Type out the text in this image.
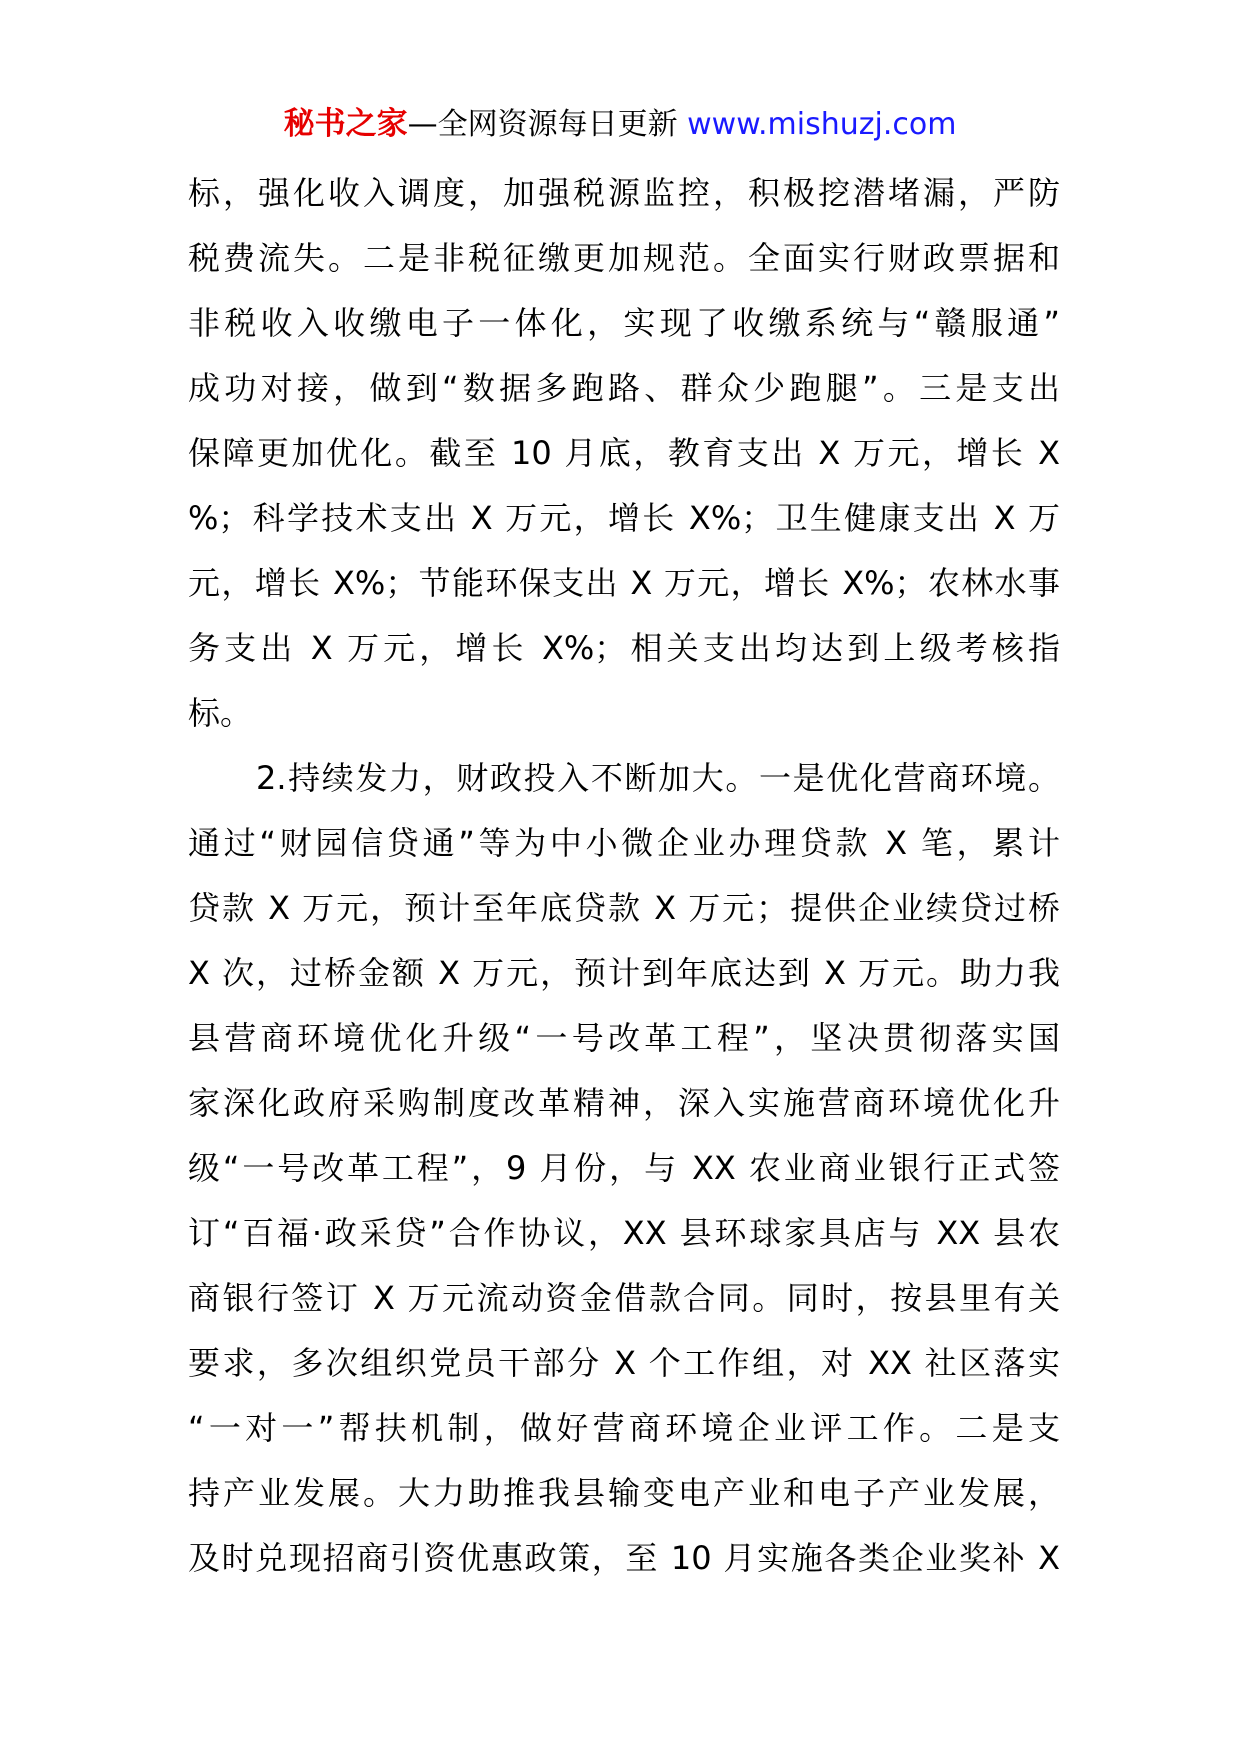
秘书之家—全网资源每日更新 www.mishuzj.com
标，强化收入调度，加强税源监控，积极挖潜堵漏，严防
税费流失。二是非税征缴更加规范。全面实行财政票据和
非税收入收缴电子一体化，实现了收缴系统与“赣服通”
成功对接，做到“数据多跑路、群众少跑腿”。三是支出
保障更加优化。截至 10 月底，教育支出 X 万元，增长 X
%；科学技术支出 X 万元，增长 X%；卫生健康支出 X 万
元，增长 X%；节能环保支出 X 万元，增长 X%；农林水事
务支出 X 万元，增长 X%；相关支出均达到上级考核指
标。
2.持续发力，财政投入不断加大。一是优化营商环境。
通过“财园信贷通”等为中小微企业办理贷款 X 笔，累计
贷款 X 万元，预计至年底贷款 X 万元；提供企业续贷过桥
X 次，过桥金额 X 万元，预计到年底达到 X 万元。助力我
县营商环境优化升级“一号改革工程”，坚决贯彻落实国
家深化政府采购制度改革精神，深入实施营商环境优化升
级“一号改革工程”，9 月份，与 XX 农业商业银行正式签
订“百福·政采贷”合作协议，XX 县环球家具店与 XX 县农
商银行签订 X 万元流动资金借款合同。同时，按县里有关
要求，多次组织党员干部分 X 个工作组，对 XX 社区落实
“一对一”帮扶机制，做好营商环境企业评工作。二是支
持产业发展。大力助推我县输变电产业和电子产业发展，
及时兑现招商引资优惠政策，至 10 月实施各类企业奖补 X
